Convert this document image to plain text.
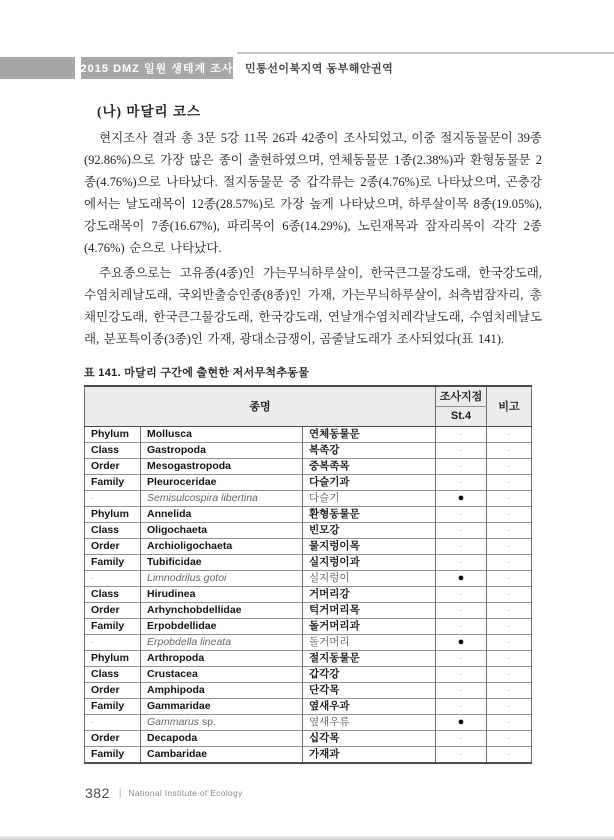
2015 DMZ 일원 생태계 조사 민통선이북지역 동부해안권역
(나) 마달리 코스

현지조사 결과 총 3문 5강 11목 26과 42종이 조사되었고, 이중 절지동물문이 39종(92.86%)으로 가장 많은 종이 출현하였으며, 연체동물문 1종(2.38%)과 환형동물문 2종(4.76%)으로 나타났다. 절지동물문 중 갑각류는 2종(4.76%)로 나타났으며, 곤충강에서는 날도래목이 12종(28.57%)로 가장 높게 나타났으며, 하루살이목 8종(19.05%), 강도래목이 7종(16.67%), 파리목이 6종(14.29%), 노린재목과 잠자리목이 각각 2종(4.76%) 순으로 나타났다.

주요종으로는 고유종(4종)인 가는무늬하루살이, 한국큰그물강도래, 한국강도래, 수염치레날도래, 국외반출승인종(8종)인 가재, 가는무늬하루살이, 쇠측범잠자리, 총채민강도래, 한국큰그물강도래, 한국강도래, 연날개수염치레각날도래, 수염치레날도래, 분포특이종(3종)인 가재, 광대소금쟁이, 곰줄날도래가 조사되었다(표 141).

표 141. 마달리 구간에 출현한 저서무척추동물
종명			조사지점	비고
			St.4	
Phylum	Mollusca	연체동물문	·	·
Class	Gastropoda	복족강	·	·
Order	Mesogastropoda	중복족목	·	·
Family	Pleuroceridae	다슬기과	·	·
·	Semisulcospira libertina	다슬기	●	·
Phylum	Annelida	환형동물문	·	·
Class	Oligochaeta	빈모강	·	·
Order	Archioligochaeta	물지렁이목	·	·
Family	Tubificidae	실지렁이과	·	·
·	Limnodrilus gotoi	실지렁이	●	·
Class	Hirudinea	거머리강	·	·
Order	Arhynchobdellidae	턱거머리목	·	·
Family	Erpobdellidae	돌거머리과	·	·
·	Erpobdella lineata	돌거머리	●	·
Phylum	Arthropoda	절지동물문	·	·
Class	Crustacea	갑각강	·	·
Order	Amphipoda	단각목	·	·
Family	Gammaridae	옆새우과	·	·
·	Gammarus sp.	옆새우류	●	·
Order	Decapoda	십각목	·	·
Family	Cambaridae	가재과	·	·
382 | National Institute of Ecology
